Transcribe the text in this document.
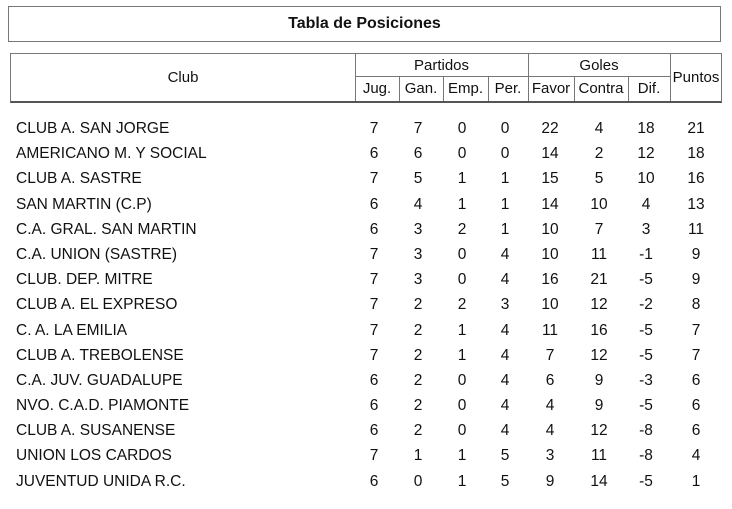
Tabla de Posiciones
Club
Partidos	Goles
Puntos
Jug. Gan. Emp. Per. Favor Contra Dif.
CLUB A. SAN JORGE	7	7	0	0	22	4	18	21
AMERICANO M. Y SOCIAL	6	6	0	0	14	2	12	18
CLUB A. SASTRE	7	5	1	1	15	5	10	16
SAN MARTIN (C.P)	6	4	1	1	14	10	4	13
C.A. GRAL. SAN MARTIN	6	3	2	1	10	7	3	11
C.A. UNION (SASTRE)	7	3	0	4	10	11	-1	9
CLUB. DEP. MITRE	7	3	0	4	16	21	-5	9
CLUB A. EL EXPRESO	7	2	2	3	10	12	-2	8
C. A. LA EMILIA	7	2	1	4	11	16	-5	7
CLUB A. TREBOLENSE	7	2	1	4	7	12	-5	7
C.A. JUV. GUADALUPE	6	2	0	4	6	9	-3	6
NVO. C.A.D. PIAMONTE	6	2	0	4	4	9	-5	6
CLUB A. SUSANENSE	6	2	0	4	4	12	-8	6
UNION LOS CARDOS	7	1	1	5	3	11	-8	4
JUVENTUD UNIDA R.C.	6	0	1	5	9	14	-5	1
